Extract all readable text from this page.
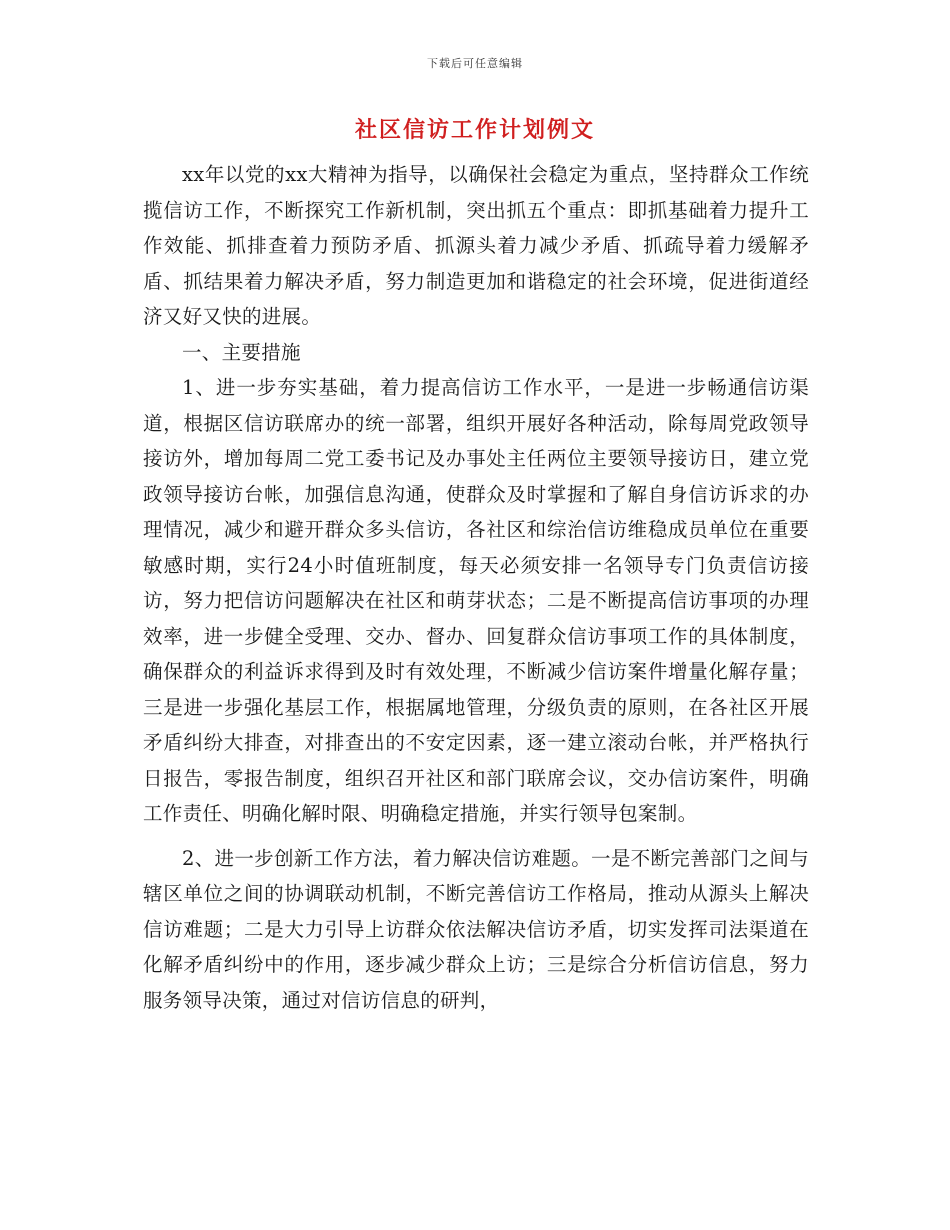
下载后可任意编辑
社区信访工作计划例文

xx年以党的xx大精神为指导，以确保社会稳定为重点，坚持群众工作统揽信访工作，不断探究工作新机制，突出抓五个重点：即抓基础着力提升工作效能、抓排查着力预防矛盾、抓源头着力减少矛盾、抓疏导着力缓解矛盾、抓结果着力解决矛盾，努力制造更加和谐稳定的社会环境，促进街道经济又好又快的进展。

一、主要措施

1、进一步夯实基础，着力提高信访工作水平，一是进一步畅通信访渠道，根据区信访联席办的统一部署，组织开展好各种活动，除每周党政领导接访外，增加每周二党工委书记及办事处主任两位主要领导接访日，建立党政领导接访台帐，加强信息沟通，使群众及时掌握和了解自身信访诉求的办理情况，减少和避开群众多头信访，各社区和综治信访维稳成员单位在重要敏感时期，实行24小时值班制度，每天必须安排一名领导专门负责信访接访，努力把信访问题解决在社区和萌芽状态；二是不断提高信访事项的办理效率，进一步健全受理、交办、督办、回复群众信访事项工作的具体制度，确保群众的利益诉求得到及时有效处理，不断减少信访案件增量化解存量；三是进一步强化基层工作，根据属地管理，分级负责的原则，在各社区开展矛盾纠纷大排查，对排查出的不安定因素，逐一建立滚动台帐，并严格执行日报告，零报告制度，组织召开社区和部门联席会议，交办信访案件，明确工作责任、明确化解时限、明确稳定措施，并实行领导包案制。

2、进一步创新工作方法，着力解决信访难题。一是不断完善部门之间与辖区单位之间的协调联动机制，不断完善信访工作格局，推动从源头上解决信访难题；二是大力引导上访群众依法解决信访矛盾，切实发挥司法渠道在化解矛盾纠纷中的作用，逐步减少群众上访；三是综合分析信访信息，努力服务领导决策，通过对信访信息的研判，
